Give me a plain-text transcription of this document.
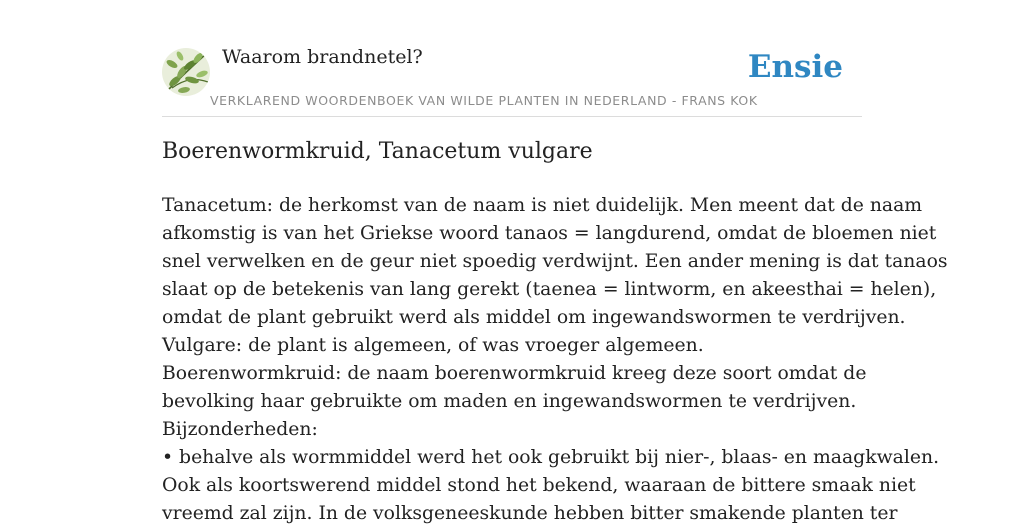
Waarom brandnetel?
VERKLAREND WOORDENBOEK VAN WILDE PLANTEN IN NEDERLAND - FRANS KOK
Ensie
Boerenwormkruid, Tanacetum vulgare
Tanacetum: de herkomst van de naam is niet duidelijk. Men meent dat de naam
afkomstig is van het Griekse woord tanaos = langdurend, omdat de bloemen niet
snel verwelken en de geur niet spoedig verdwijnt. Een ander mening is dat tanaos
slaat op de betekenis van lang gerekt (taenea = lintworm, en akeesthai = helen),
omdat de plant gebruikt werd als middel om ingewandswormen te verdrijven.
Vulgare: de plant is algemeen, of was vroeger algemeen.
Boerenwormkruid: de naam boerenwormkruid kreeg deze soort omdat de
bevolking haar gebruikte om maden en ingewandswormen te verdrijven.
Bijzonderheden:
• behalve als wormmiddel werd het ook gebruikt bij nier-, blaas- en maagkwalen.
Ook als koortswerend middel stond het bekend, waaraan de bittere smaak niet
vreemd zal zijn. In de volksgeneeskunde hebben bitter smakende planten ter
